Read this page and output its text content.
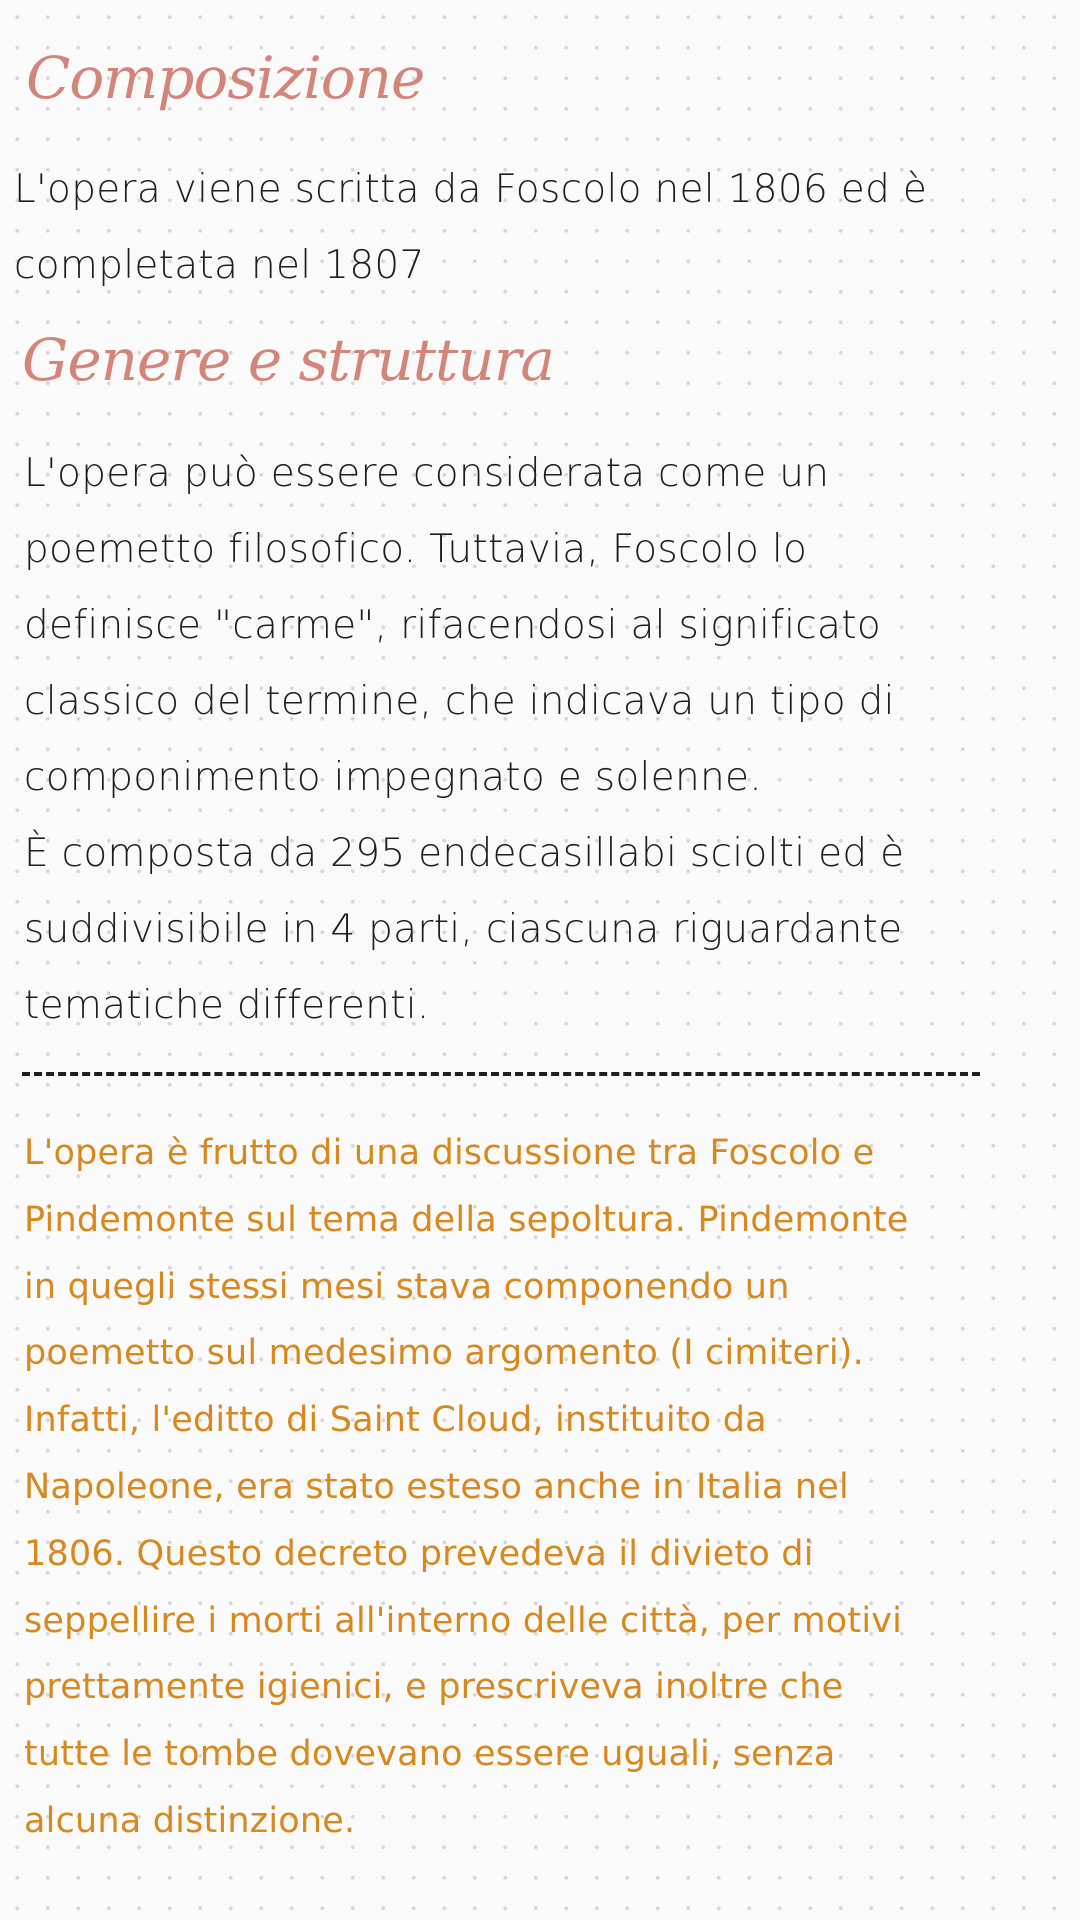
Composizione
L'opera viene scritta da Foscolo nel 1806 ed è
completata nel 1807
Genere e struttura
L'opera può essere considerata come un
poemetto filosofico. Tuttavia, Foscolo lo
definisce "carme", rifacendosi al significato
classico del termine, che indicava un tipo di
componimento impegnato e solenne.
È composta da 295 endecasillabi sciolti ed è
suddivisibile in 4 parti, ciascuna riguardante
tematiche differenti.
L'opera è frutto di una discussione tra Foscolo e
Pindemonte sul tema della sepoltura. Pindemonte
in quegli stessi mesi stava componendo un
poemetto sul medesimo argomento (I cimiteri).
Infatti, l'editto di Saint Cloud, instituito da
Napoleone, era stato esteso anche in Italia nel
1806. Questo decreto prevedeva il divieto di
seppellire i morti all'interno delle città, per motivi
prettamente igienici, e prescriveva inoltre che
tutte le tombe dovevano essere uguali, senza
alcuna distinzione.
